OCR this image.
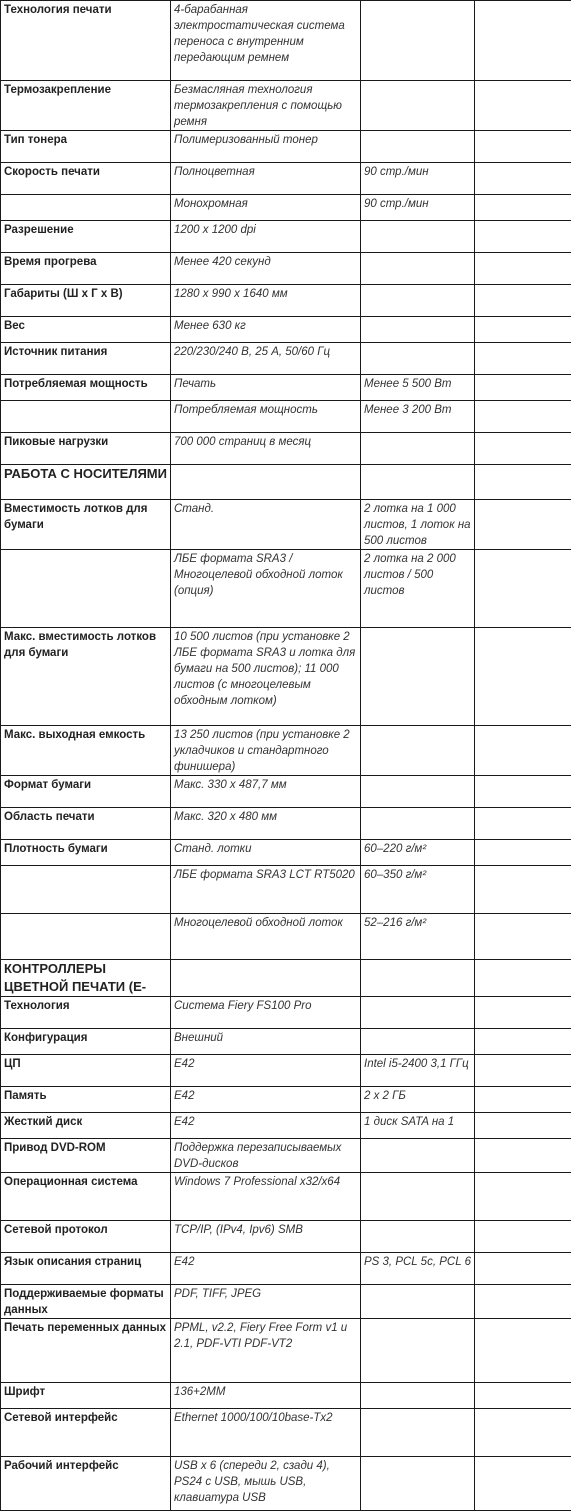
Технология печати	4-барабанная электростатическая система переноса с внутренним передающим ремнем		
Термозакрепление	Безмасляная технология термозакрепления с помощью ремня		
Тип тонера	Полимеризованный тонер		
Скорость печати	Полноцветная	90 стр./мин	
	Монохромная	90 стр./мин	
Разрешение	1200 x 1200 dpi		
Время прогрева	Менее 420 секунд		
Габариты (Ш x Г x В)	1280 x 990 x 1640 мм		
Вес	Менее 630 кг		
Источник питания	220/230/240 В, 25 А, 50/60 Гц		
Потребляемая мощность	Печать	Менее 5 500 Вт	
	Потребляемая мощность	Менее 3 200 Вт	
Пиковые нагрузки	700 000 страниц в месяц		
РАБОТА С НОСИТЕЛЯМИ			
Вместимость лотков для бумаги	Станд.	2 лотка на 1 000 листов, 1 лоток на 500 листов	
	ЛБЕ формата SRA3 / Многоцелевой обходной лоток (опция)	2 лотка на 2 000 листов / 500 листов	
Макс. вместимость лотков для бумаги	10 500 листов (при установке 2 ЛБЕ формата SRA3 и лотка для бумаги на 500 листов); 11 000 листов (с многоцелевым обходным лотком)		
Макс. выходная емкость	13 250 листов (при установке 2 укладчиков и стандартного финишера)		
Формат бумаги	Макс. 330 x 487,7 мм		
Область печати	Макс. 320 x 480 мм		
Плотность бумаги	Станд. лотки	60–220 г/м²	
	ЛБЕ формата SRA3 LCT RT5020	60–350 г/м²	
	Многоцелевой обходной лоток	52–216 г/м²	
КОНТРОЛЛЕРЫ ЦВЕТНОЙ ПЕЧАТИ (Е-			
Технология	Система Fiery FS100 Pro		
Конфигурация	Внешний		
ЦП	E42	Intel i5-2400 3,1 ГГц	
Память	E42	2 x 2 ГБ	
Жесткий диск	E42	1 диск SATA на 1	
Привод DVD-ROM	Поддержка перезаписываемых DVD-дисков		
Операционная система	Windows 7 Professional x32/x64		
Сетевой протокол	TCP/IP, (IPv4, Ipv6) SMB		
Язык описания страниц	E42	PS 3, PCL 5c, PCL 6	
Поддерживаемые форматы данных	PDF, TIFF, JPEG		
Печать переменных данных	PPML, v2.2, Fiery Free Form v1 и 2.1, PDF-VTI PDF-VT2		
Шрифт	136+2MM		
Сетевой интерфейс	Ethernet 1000/100/10base-Tx2		
Рабочий интерфейс	USB x 6 (спереди 2, сзади 4), PS24 с USB, мышь USB, клавиатура USB		
